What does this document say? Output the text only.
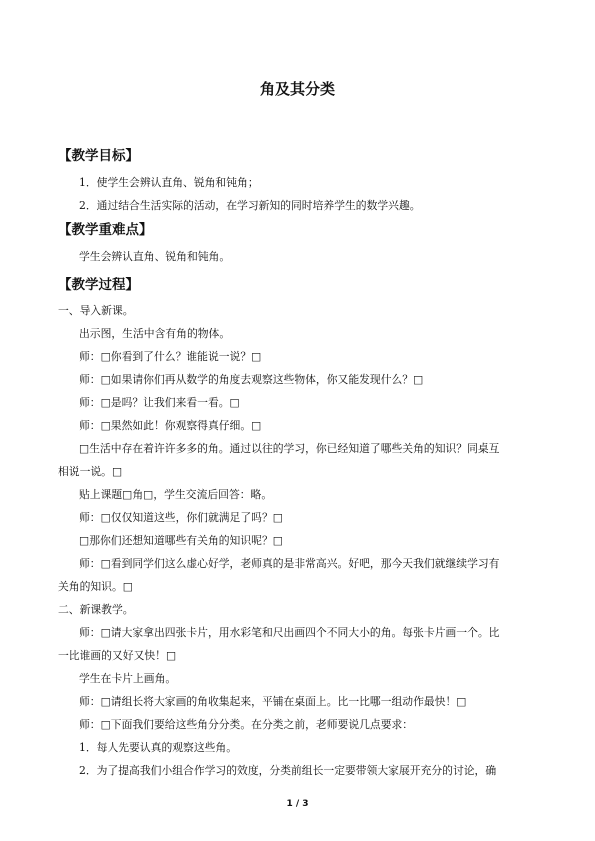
角及其分类
【教学目标】
1．使学生会辨认直角、锐角和钝角；
2．通过结合生活实际的活动，在学习新知的同时培养学生的数学兴趣。
【教学重难点】
学生会辨认直角、锐角和钝角。
【教学过程】
一、导入新课。
出示图，生活中含有角的物体。
师：□你看到了什么？谁能说一说？□
师：□如果请你们再从数学的角度去观察这些物体，你又能发现什么？□
师：□是吗？让我们来看一看。□
师：□果然如此！你观察得真仔细。□
□生活中存在着许许多多的角。通过以往的学习，你已经知道了哪些关角的知识？同桌互
相说一说。□
贴上课题□角□，学生交流后回答：略。
师：□仅仅知道这些，你们就满足了吗？□
□那你们还想知道哪些有关角的知识呢？□
师：□看到同学们这么虚心好学，老师真的是非常高兴。好吧，那今天我们就继续学习有
关角的知识。□
二、新课教学。
师：□请大家拿出四张卡片，用水彩笔和尺出画四个不同大小的角。每张卡片画一个。比
一比谁画的又好又快！□
学生在卡片上画角。
师：□请组长将大家画的角收集起来，平铺在桌面上。比一比哪一组动作最快！□
师：□下面我们要给这些角分分类。在分类之前，老师要说几点要求：
1．每人先要认真的观察这些角。
2．为了提高我们小组合作学习的效度，分类前组长一定要带领大家展开充分的讨论，确
1 / 3
